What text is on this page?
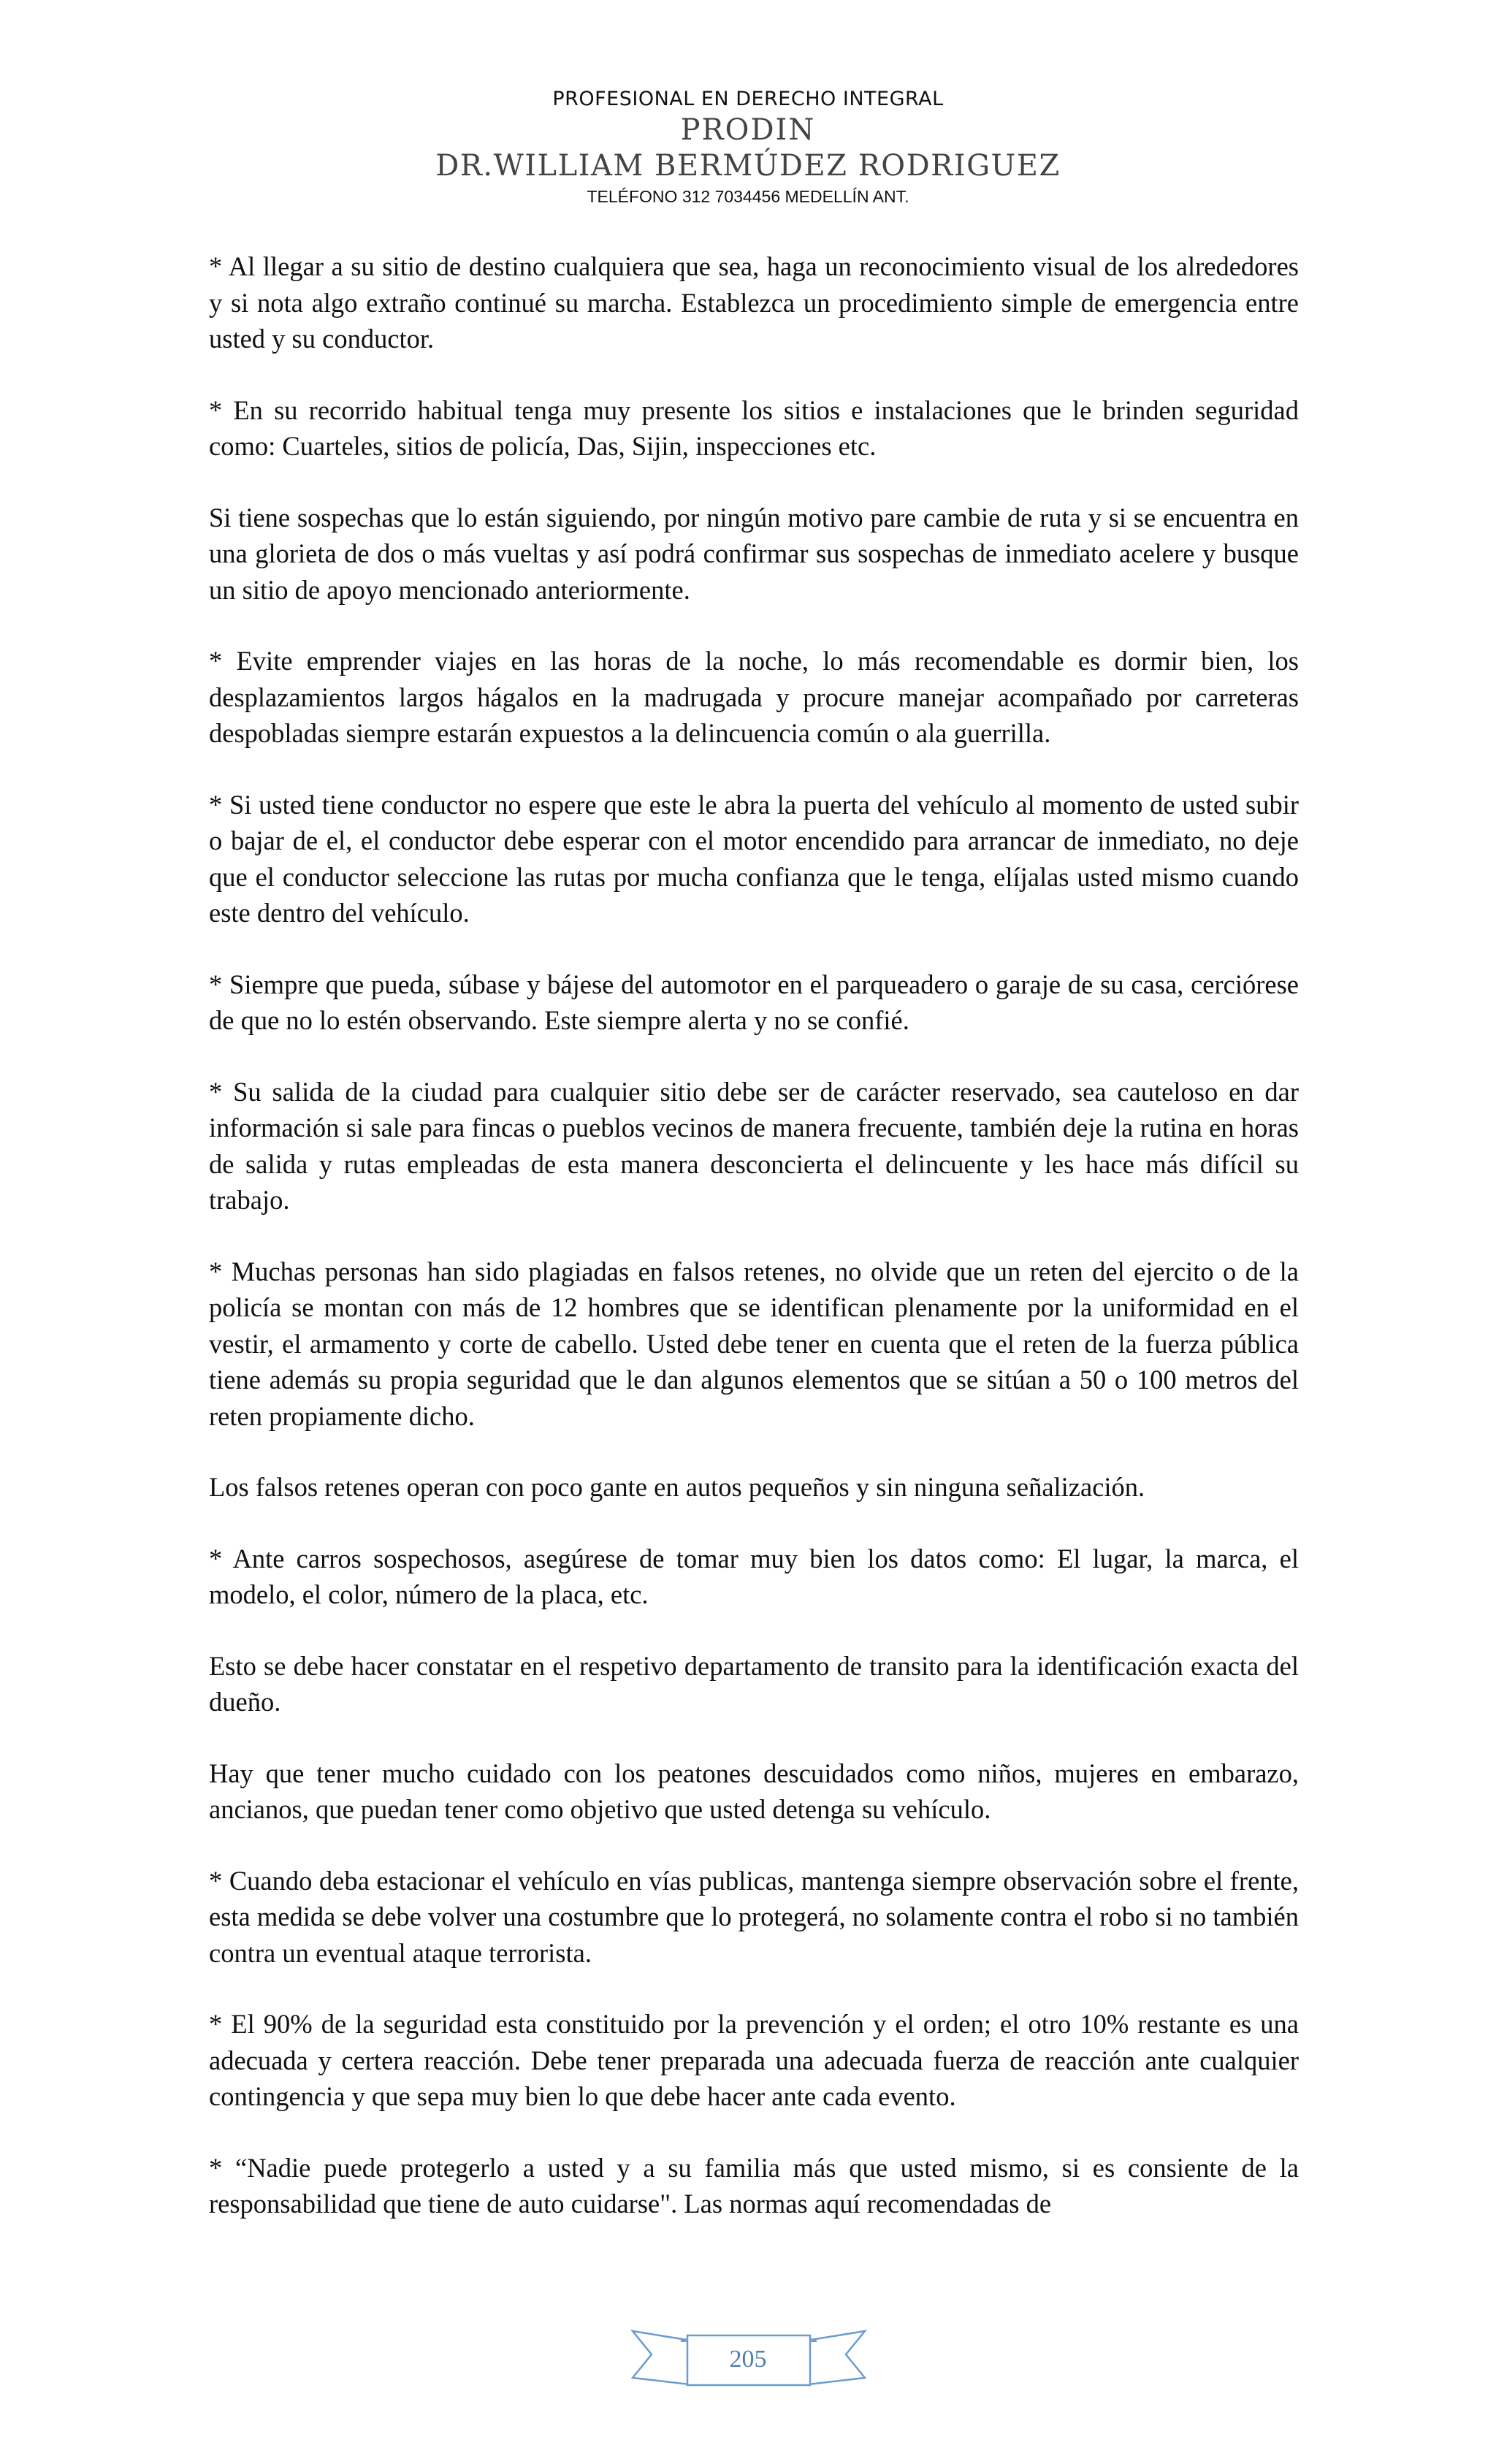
PROFESIONAL EN DERECHO INTEGRAL
PRODIN
DR.WILLIAM BERMÚDEZ RODRIGUEZ
TELÉFONO 312 7034456 MEDELLÍN ANT.

* Al llegar a su sitio de destino cualquiera que sea, haga un reconocimiento visual de los alrededores y si nota algo extraño continué su marcha. Establezca un procedimiento simple de emergencia entre usted y su conductor.

* En su recorrido habitual tenga muy presente los sitios e instalaciones que le brinden seguridad como: Cuarteles, sitios de policía, Das, Sijin, inspecciones etc.

Si tiene sospechas que lo están siguiendo, por ningún motivo pare cambie de ruta y si se encuentra en una glorieta de dos o más vueltas y así podrá confirmar sus sospechas de inmediato acelere y busque un sitio de apoyo mencionado anteriormente.

* Evite emprender viajes en las horas de la noche, lo más recomendable es dormir bien, los desplazamientos largos hágalos en la madrugada y procure manejar acompañado por carreteras despobladas siempre estarán expuestos a la delincuencia común o ala guerrilla.

* Si usted tiene conductor no espere que este le abra la puerta del vehículo al momento de usted subir o bajar de el, el conductor debe esperar con el motor encendido para arrancar de inmediato, no deje que el conductor seleccione las rutas por mucha confianza que le tenga, elíjalas usted mismo cuando este dentro del vehículo.

* Siempre que pueda, súbase y bájese del automotor en el parqueadero o garaje de su casa, cerciórese de que no lo estén observando. Este siempre alerta y no se confié.

* Su salida de la ciudad para cualquier sitio debe ser de carácter reservado, sea cauteloso en dar información si sale para fincas o pueblos vecinos de manera frecuente, también deje la rutina en horas de salida y rutas empleadas de esta manera desconcierta el delincuente y les hace más difícil su trabajo.

* Muchas personas han sido plagiadas en falsos retenes, no olvide que un reten del ejercito o de la policía se montan con más de 12 hombres que se identifican plenamente por la uniformidad en el vestir, el armamento y corte de cabello. Usted debe tener en cuenta que el reten de la fuerza pública tiene además su propia seguridad que le dan algunos elementos que se sitúan a 50 o 100 metros del reten propiamente dicho.

Los falsos retenes operan con poco gante en autos pequeños y sin ninguna señalización.

* Ante carros sospechosos, asegúrese de tomar muy bien los datos como: El lugar, la marca, el modelo, el color, número de la placa, etc.

Esto se debe hacer constatar en el respetivo departamento de transito para la identificación exacta del dueño.

Hay que tener mucho cuidado con los peatones descuidados como niños, mujeres en embarazo, ancianos, que puedan tener como objetivo que usted detenga su vehículo.

* Cuando deba estacionar el vehículo en vías publicas, mantenga siempre observación sobre el frente, esta medida se debe volver una costumbre que lo protegerá, no solamente contra el robo si no también contra un eventual ataque terrorista.

* El 90% de la seguridad esta constituido por la prevención y el orden; el otro 10% restante es una adecuada y certera reacción. Debe tener preparada una adecuada fuerza de reacción ante cualquier contingencia y que sepa muy bien lo que debe hacer ante cada evento.

* “Nadie puede protegerlo a usted y a su familia más que usted mismo, si es consiente de la responsabilidad que tiene de auto cuidarse". Las normas aquí recomendadas de

205
